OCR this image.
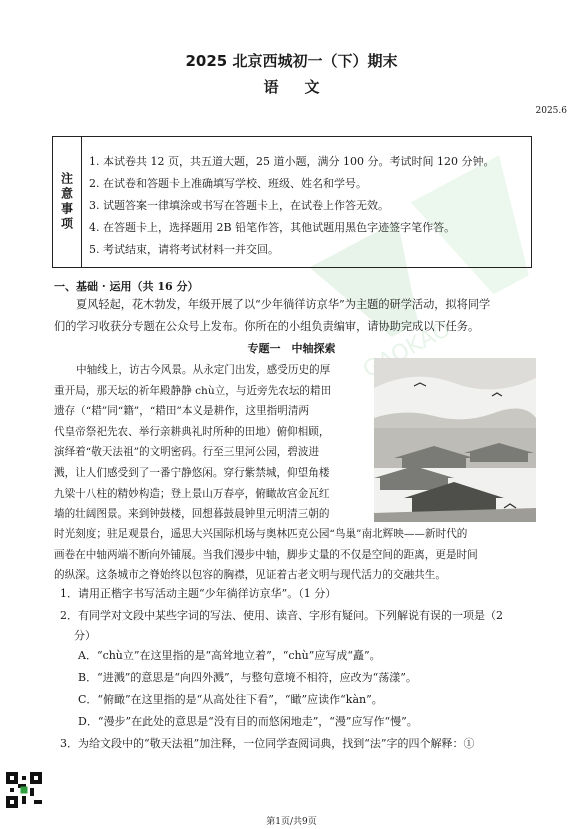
GAOKAO
2025 北京西城初一（下）期末
语文
2025.6
注意事项
1. 本试卷共 12 页，共五道大题，25 道小题，满分 100 分。考试时间 120 分钟。
2. 在试卷和答题卡上准确填写学校、班级、姓名和学号。
3. 试题答案一律填涂或书写在答题卡上，在试卷上作答无效。
4. 在答题卡上，选择题用 2B 铅笔作答，其他试题用黑色字迹签字笔作答。
5. 考试结束，请将考试材料一并交回。
一、基础 · 运用（共 16 分）

夏风轻起，花木勃发，年级开展了以“少年徜徉访京华”为主题的研学活动，拟将同学

们的学习收获分专题在公众号上发布。你所在的小组负责编审，请协助完成以下任务。

专题一　中轴探索
中轴线上，访古今风景。从永定门出发，感受历史的厚
重开局，那天坛的祈年殿静静 chù立，与近旁先农坛的耤田
遗存（“耤”同“籍”，“耤田”本义是耕作，这里指明清两
代皇帝祭祀先农、举行亲耕典礼时所种的田地）俯仰相顾，
演绎着“敬天法祖”的文明密码。行至三里河公园，碧波进
溅，让人们感受到了一番宁静悠闲。穿行紫禁城，仰望角楼
九梁十八柱的精妙构造；登上景山万春亭，俯瞰故宫金瓦红
墙的壮阔图景。来到钟鼓楼，回想暮鼓晨钟里元明清三朝的
时光刻度；驻足观景台，遥思大兴国际机场与奥林匹克公园“鸟巢”南北辉映——新时代的
画卷在中轴两端不断向外铺展。当我们漫步中轴，脚步丈量的不仅是空间的距离，更是时间
的纵深。这条城市之脊始终以包容的胸襟，见证着古老文明与现代活力的交融共生。
1．请用正楷字书写活动主题“少年徜徉访京华”。（1 分）
2．有同学对文段中某些字词的写法、使用、读音、字形有疑问。下列解说有误的一项是（2
分）
A．“chù立”在这里指的是“高耸地立着”，“chù”应写成“矗”。
B．“进溅”的意思是“向四外溅”，与整句意境不相符，应改为“荡漾”。
C．“俯瞰”在这里指的是“从高处往下看”，“瞰”应读作“kàn”。
D．“漫步”在此处的意思是“没有目的而悠闲地走”，“漫”应写作“慢”。
3．为给文段中的“敬天法祖”加注释，一位同学查阅词典，找到“法”字的四个解释：①
第1页/共9页
